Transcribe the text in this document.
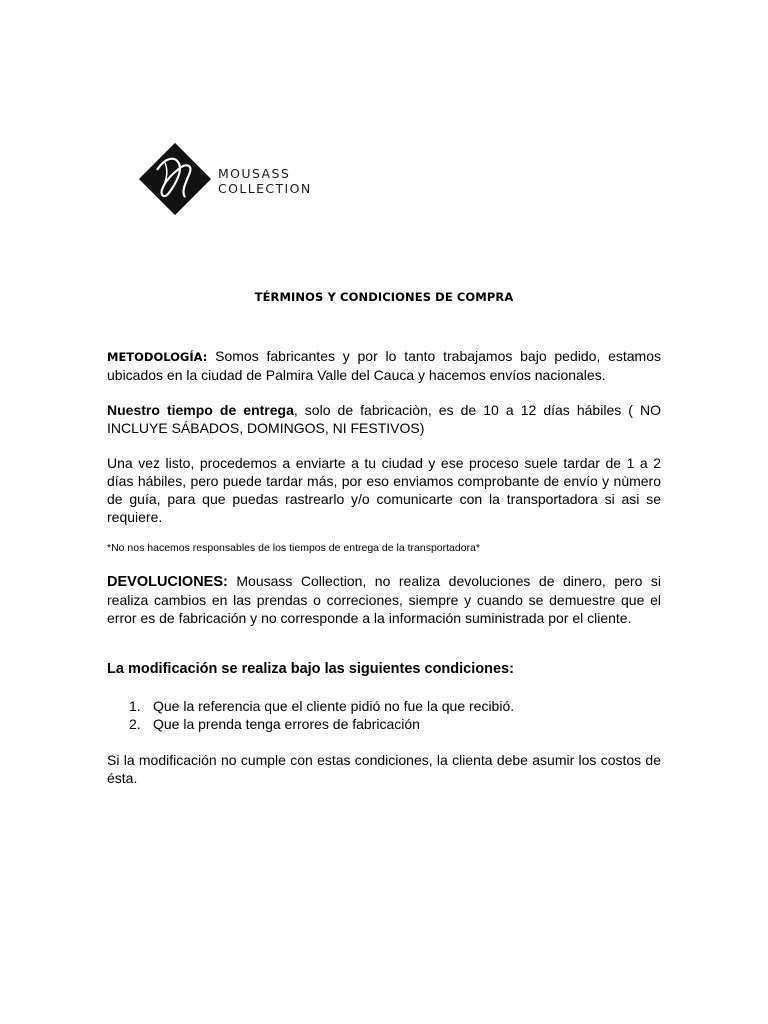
MOUSASS
COLLECTION
TÉRMINOS Y CONDICIONES DE COMPRA
METODOLOGÍA: Somos fabricantes y por lo tanto trabajamos bajo pedido, estamos ubicados en la ciudad de Palmira Valle del Cauca y hacemos envíos nacionales.
Nuestro tiempo de entrega, solo de fabricaciòn, es de 10 a 12 días hábiles ( NO INCLUYE SÁBADOS, DOMINGOS, NI FESTIVOS)
Una vez listo, procedemos a enviarte a tu ciudad y ese proceso suele tardar de 1 a 2 días hábiles, pero puede tardar más, por eso enviamos comprobante de envío y nùmero de guía, para que puedas rastrearlo y/o comunicarte con la transportadora si asi se requiere.
*No nos hacemos responsables de los tiempos de entrega de la transportadora*
DEVOLUCIONES: Mousass Collection, no realiza devoluciones de dinero, pero si realiza cambios en las prendas o correciones, siempre y cuando se demuestre que el error es de fabricación y no corresponde a la información suministrada por el cliente.
La modificación se realiza bajo las siguientes condiciones:
1. Que la referencia que el cliente pidió no fue la que recibió.
2. Que la prenda tenga errores de fabricación
Si la modificación no cumple con estas condiciones, la clienta debe asumir los costos de ésta.
